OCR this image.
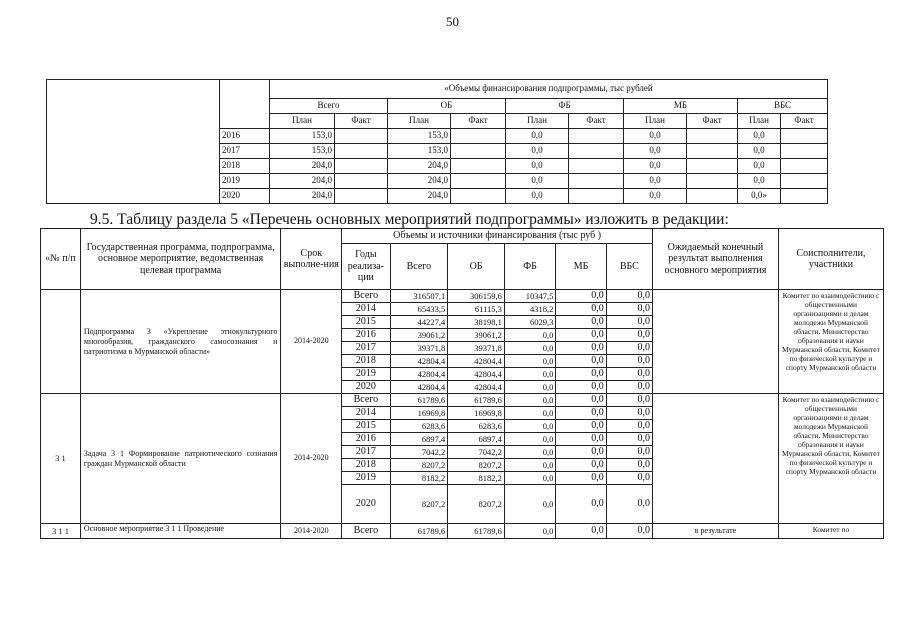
50
		«Объемы финансирования подпрограммы, тыс рублей									
		Всего		ОБ		ФБ		МБ		ВБС	
		План	Факт	План	Факт	План	Факт	План	Факт	План	Факт
	2016	153,0		153,0		0,0		0,0		0,0	
	2017	153,0		153,0		0,0		0,0		0,0	
	2018	204,0		204,0		0,0		0,0		0,0	
	2019	204,0		204,0		0,0		0,0		0,0	
	2020	204,0		204,0		0,0		0,0		0,0»	
9.5. Таблицу раздела 5 «Перечень основных мероприятий подпрограммы» изложить в редакции:
«№ п/п	Государственная программа, подпрограмма, основное мероприятие, ведомственная целевая программа	Срок выполне-ния	Объемы и источники финансирования (тыс руб )						Ожидаемый конечный результат выполнения основного мероприятия	Соисполнители, участники
			Годы реализа-ции	Всего	ОБ	ФБ	МБ	ВБС		
	Подпрограмма 3 «Укрепление этнокультурного многообразия, гражданского самосознания и патриотизма в Мурманской области»	2014-2020	Всего	316507,1	306159,6	10347,5	0,0	0,0		Комитет по взаимодействию с общественными организациями и делам молодежи Мурманской области, Министерство образования и науки Мурманской области, Комитет по физической культуре и спорту Мурманской области
			2014	65433,5	61115,3	4318,2	0,0	0,0		
			2015	44227,4	38198,1	6029,3	0,0	0,0		
			2016	39061,2	39061,2	0,0	0,0	0,0		
			2017	39371,8	39371,8	0,0	0,0	0,0		
			2018	42804,4	42804,4	0,0	0,0	0,0		
			2019	42804,4	42804,4	0,0	0,0	0,0		
			2020	42804,4	42804,4	0,0	0,0	0,0		
3 1	Задача 3 1 Формирование патриотического сознания граждан Мурманской области	2014-2020	Всего	61789,6	61789,6	0,0	0,0	0,0		Комитет по взаимодействию с общественными организациями и делам молодежи Мурманской области, Министерство образования и науки Мурманской области, Комитет по физической культуре и спорту Мурманской области
			2014	16969,8	16969,8	0,0	0,0	0,0		
			2015	6283,6	6283,6	0,0	0,0	0,0		
			2016	6897,4	6897,4	0,0	0,0	0,0		
			2017	7042,2	7042,2	0,0	0,0	0,0		
			2018	8207,2	8207,2	0,0	0,0	0,0		
			2019	8182,2	8182,2	0,0	0,0	0,0		
			2020	8207,2	8207,2	0,0	0,0	0,0		
3 1 1	Основное мероприятие 3 1 1 Проведение	2014-2020	Всего	61789,6	61789,6	0,0	0,0	0,0	в результате	Комитет по
